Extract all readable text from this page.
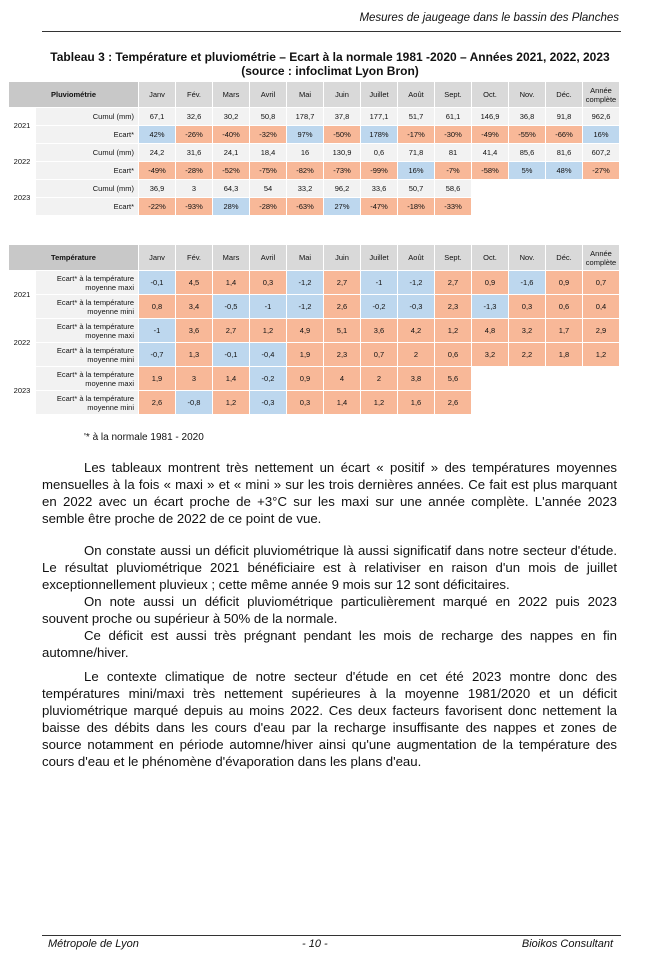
Mesures de jaugeage dans le bassin des Planches
Tableau 3 : Température et pluviométrie – Ecart à la normale 1981 -2020 – Années 2021, 2022, 2023
(source : infoclimat Lyon Bron)
Pluviométrie		Janv	Fév.	Mars	Avril	Mai	Juin	Juillet	Août	Sept.	Oct.	Nov.	Déc.	Année complète
2021	Cumul (mm)	67,1	32,6	30,2	50,8	178,7	37,8	177,1	51,7	61,1	146,9	36,8	91,8	962,6
	Ecart*	42%	-26%	-40%	-32%	97%	-50%	178%	-17%	-30%	-49%	-55%	-66%	16%
2022	Cumul (mm)	24,2	31,6	24,1	18,4	16	130,9	0,6	71,8	81	41,4	85,6	81,6	607,2
	Ecart*	-49%	-28%	-52%	-75%	-82%	-73%	-99%	16%	-7%	-58%	5%	48%	-27%
2023	Cumul (mm)	36,9	3	64,3	54	33,2	96,2	33,6	50,7	58,6				
	Ecart*	-22%	-93%	28%	-28%	-63%	27%	-47%	-18%	-33%				
Température		Janv	Fév.	Mars	Avril	Mai	Juin	Juillet	Août	Sept.	Oct.	Nov.	Déc.	Année complète
2021	Ecart* à la température
moyenne maxi	-0,1	4,5	1,4	0,3	-1,2	2,7	-1	-1,2	2,7	0,9	-1,6	0,9	0,7

	Ecart* à la température
moyenne mini	0,8	3,4	-0,5	-1	-1,2	2,6	-0,2	-0,3	2,3	-1,3	0,3	0,6	0,4
2022	Ecart* à la température
moyenne maxi	-1	3,6	2,7	1,2	4,9	5,1	3,6	4,2	1,2	4,8	3,2	1,7	2,9

	Ecart* à la température
moyenne mini	-0,7	1,3	-0,1	-0,4	1,9	2,3	0,7	2	0,6	3,2	2,2	1,8	1,2
2023	Ecart* à la température
moyenne maxi	1,9	3	1,4	-0,2	0,9	4	2	3,8	5,6				

	Ecart* à la température
moyenne mini	2,6	-0,8	1,2	-0,3	0,3	1,4	1,2	1,6	2,6				
'* à la normale 1981 - 2020

Les tableaux montrent très nettement un écart « positif » des températures moyennes mensuelles à la fois « maxi » et « mini » sur les trois dernières années. Ce fait est plus marquant en 2022 avec un écart proche de +3°C sur les maxi sur une année complète. L'année 2023 semble être proche de 2022 de ce point de vue.

On constate aussi un déficit pluviométrique là aussi significatif dans notre secteur d'étude. Le résultat pluviométrique 2021 bénéficiaire est à relativiser en raison d'un mois de juillet exceptionnellement pluvieux ; cette même année 9 mois sur 12 sont déficitaires.

On note aussi un déficit pluviométrique particulièrement marqué en 2022 puis 2023 souvent proche ou supérieur à 50% de la normale.

Ce déficit est aussi très prégnant pendant les mois de recharge des nappes en fin automne/hiver.

Le contexte climatique de notre secteur d'étude en cet été 2023 montre donc des températures mini/maxi très nettement supérieures à la moyenne 1981/2020 et un déficit pluviométrique marqué depuis au moins 2022. Ces deux facteurs favorisent donc nettement la baisse des débits dans les cours d'eau par la recharge insuffisante des nappes et zones de source notamment en période automne/hiver ainsi qu'une augmentation de la température des cours d'eau et le phénomène d'évaporation dans les plans d'eau.

Métropole de Lyon	- 10 -	Bioikos Consultant
